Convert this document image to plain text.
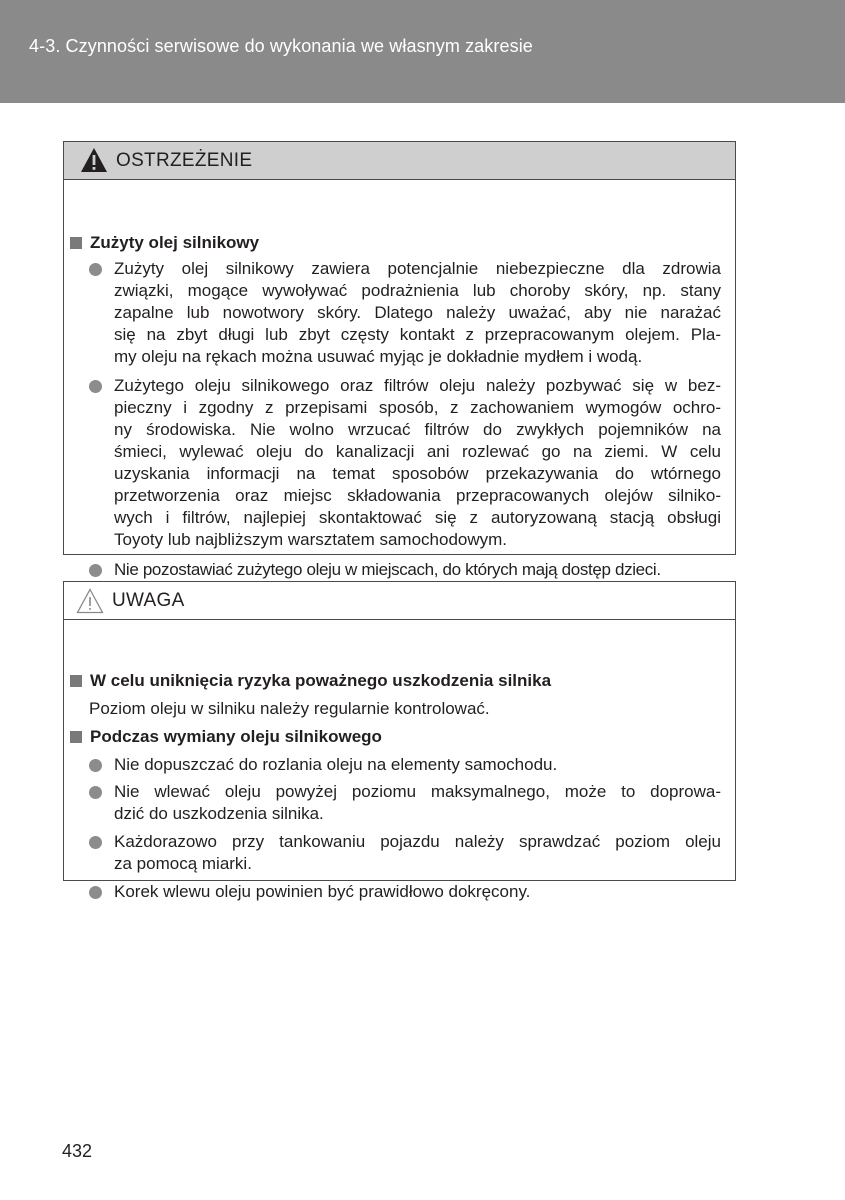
4-3. Czynności serwisowe do wykonania we własnym zakresie
OSTRZEŻENIE
Zużyty olej silnikowy
Zużyty olej silnikowy zawiera potencjalnie niebezpieczne dla zdrowia
związki, mogące wywoływać podrażnienia lub choroby skóry, np. stany
zapalne lub nowotwory skóry. Dlatego należy uważać, aby nie narażać
się na zbyt długi lub zbyt częsty kontakt z przepracowanym olejem. Pla-
my oleju na rękach można usuwać myjąc je dokładnie mydłem i wodą.
Zużytego oleju silnikowego oraz filtrów oleju należy pozbywać się w bez-
pieczny i zgodny z przepisami sposób, z zachowaniem wymogów ochro-
ny środowiska. Nie wolno wrzucać filtrów do zwykłych pojemników na
śmieci, wylewać oleju do kanalizacji ani rozlewać go na ziemi. W celu
uzyskania informacji na temat sposobów przekazywania do wtórnego
przetworzenia oraz miejsc składowania przepracowanych olejów silniko-
wych i filtrów, najlepiej skontaktować się z autoryzowaną stacją obsługi
Toyoty lub najbliższym warsztatem samochodowym.
Nie pozostawiać zużytego oleju w miejscach, do których mają dostęp dzieci.
UWAGA
W celu uniknięcia ryzyka poważnego uszkodzenia silnika
Poziom oleju w silniku należy regularnie kontrolować.
Podczas wymiany oleju silnikowego
Nie dopuszczać do rozlania oleju na elementy samochodu.
Nie wlewać oleju powyżej poziomu maksymalnego, może to doprowa-
dzić do uszkodzenia silnika.
Każdorazowo przy tankowaniu pojazdu należy sprawdzać poziom oleju
za pomocą miarki.
Korek wlewu oleju powinien być prawidłowo dokręcony.
432
